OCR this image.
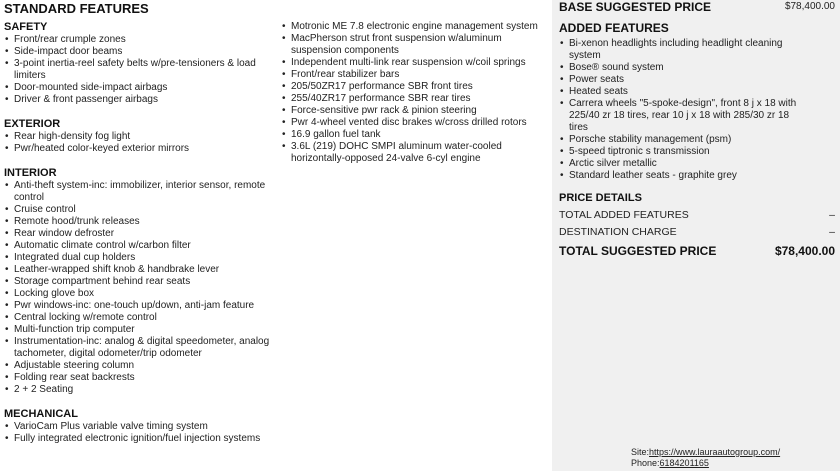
STANDARD FEATURES
SAFETY
• Front/rear crumple zones
• Side-impact door beams
• 3-point inertia-reel safety belts w/pre-tensioners & load limiters
• Door-mounted side-impact airbags
• Driver & front passenger airbags
EXTERIOR
• Rear high-density fog light
• Pwr/heated color-keyed exterior mirrors
INTERIOR
• Anti-theft system-inc: immobilizer, interior sensor, remote control
• Cruise control
• Remote hood/trunk releases
• Rear window defroster
• Automatic climate control w/carbon filter
• Integrated dual cup holders
• Leather-wrapped shift knob & handbrake lever
• Storage compartment behind rear seats
• Locking glove box
• Pwr windows-inc: one-touch up/down, anti-jam feature
• Central locking w/remote control
• Multi-function trip computer
• Instrumentation-inc: analog & digital speedometer, analog tachometer, digital odometer/trip odometer
• Adjustable steering column
• Folding rear seat backrests
• 2 + 2 Seating
MECHANICAL
• VarioCam Plus variable valve timing system
• Fully integrated electronic ignition/fuel injection systems
• Motronic ME 7.8 electronic engine management system
• MacPherson strut front suspension w/aluminum suspension components
• Independent multi-link rear suspension w/coil springs
• Front/rear stabilizer bars
• 205/50ZR17 performance SBR front tires
• 255/40ZR17 performance SBR rear tires
• Force-sensitive pwr rack & pinion steering
• Pwr 4-wheel vented disc brakes w/cross drilled rotors
• 16.9 gallon fuel tank
• 3.6L (219) DOHC SMPI aluminum water-cooled horizontally-opposed 24-valve 6-cyl engine
BASE SUGGESTED PRICE	$78,400.00
ADDED FEATURES
• Bi-xenon headlights including headlight cleaning system
• Bose® sound system
• Power seats
• Heated seats
• Carrera wheels "5-spoke-design", front 8 j x 18 with 225/40 zr 18 tires, rear 10 j x 18 with 285/30 zr 18 tires
• Porsche stability management (psm)
• 5-speed tiptronic s transmission
• Arctic silver metallic
• Standard leather seats - graphite grey
PRICE DETAILS
TOTAL ADDED FEATURES	–
DESTINATION CHARGE	–
TOTAL SUGGESTED PRICE	$78,400.00
Site:https://www.lauraautogroup.com/
Phone:6184201165
